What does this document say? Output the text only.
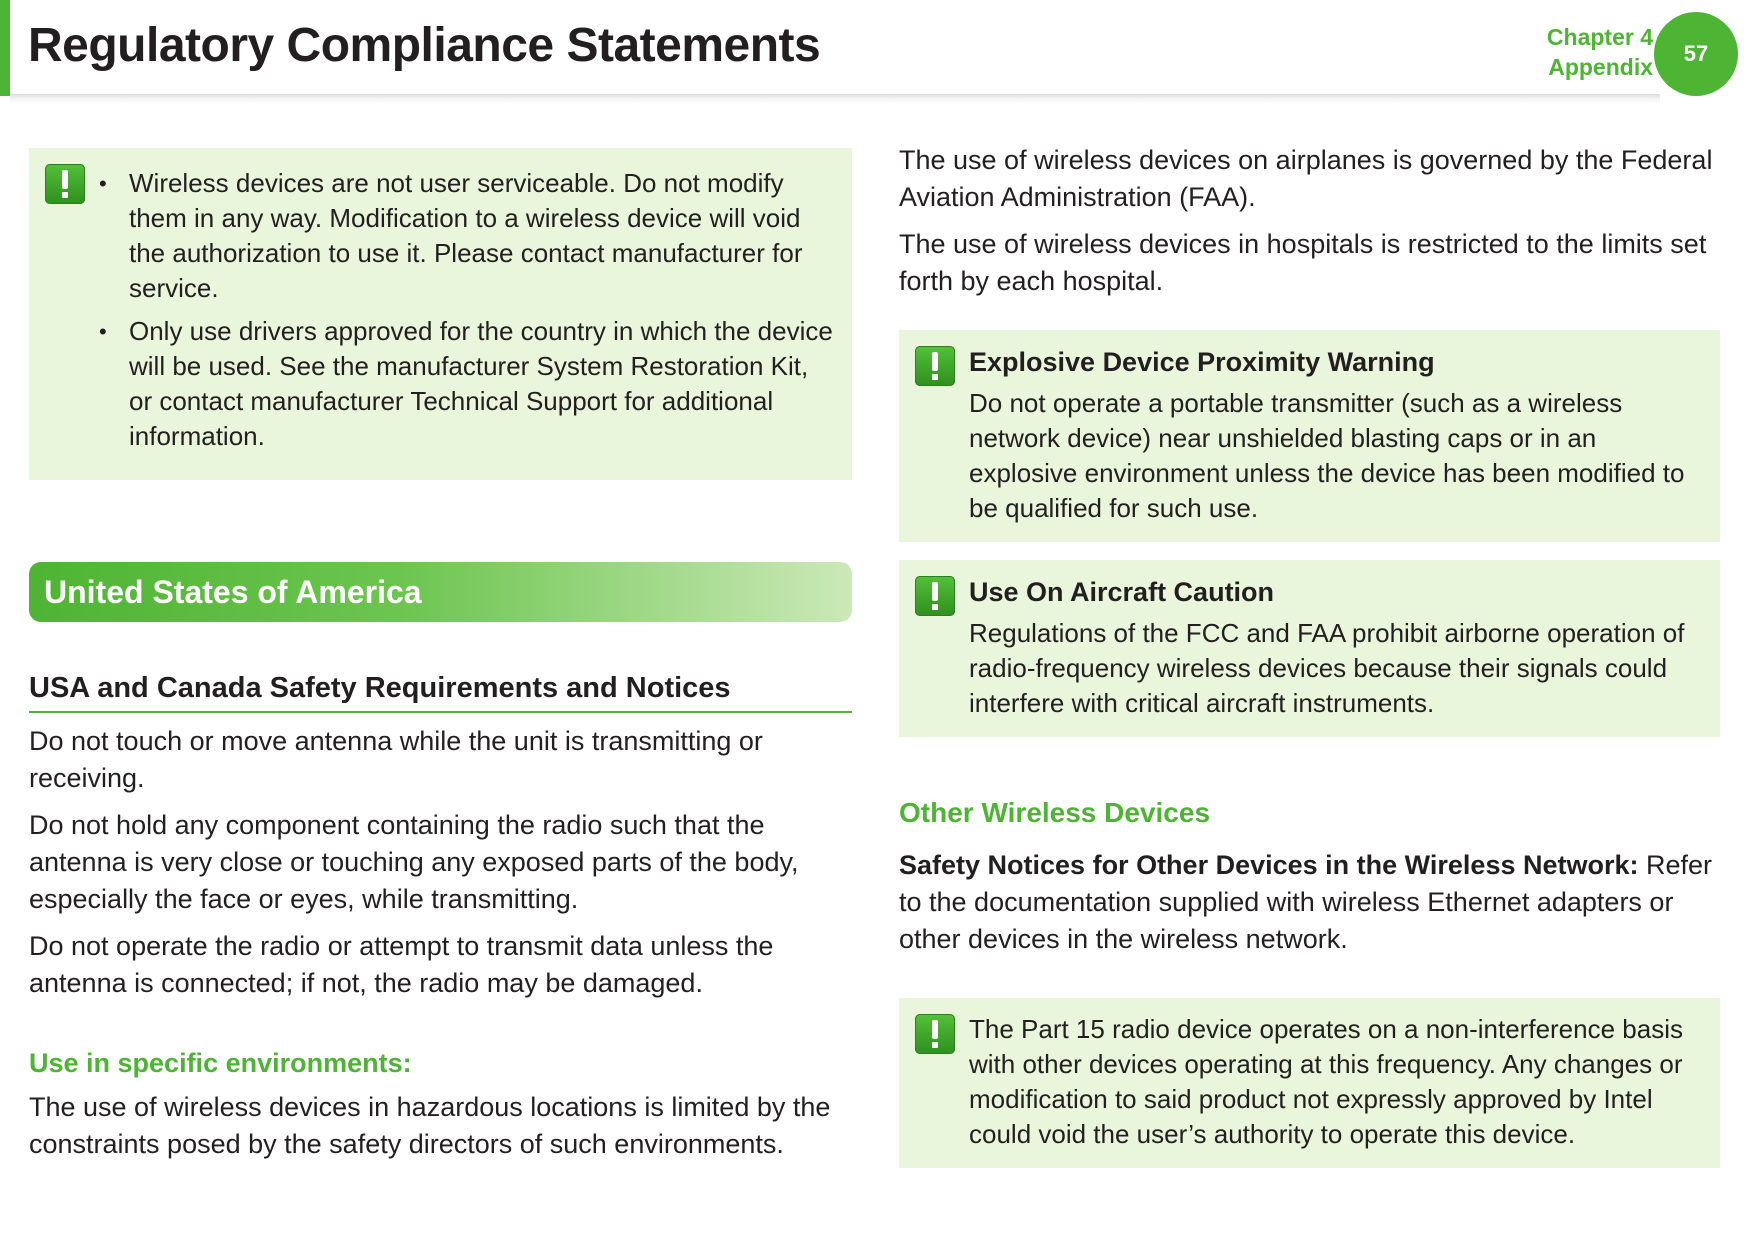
Regulatory Compliance Statements	Chapter 4
Appendix
57
• Wireless devices are not user serviceable. Do not modify them in any way. Modification to a wireless device will void the authorization to use it. Please contact manufacturer for service.
• Only use drivers approved for the country in which the device will be used. See the manufacturer System Restoration Kit, or contact manufacturer Technical Support for additional information.
United States of America
USA and Canada Safety Requirements and Notices

Do not touch or move antenna while the unit is transmitting or receiving.

Do not hold any component containing the radio such that the antenna is very close or touching any exposed parts of the body, especially the face or eyes, while transmitting.

Do not operate the radio or attempt to transmit data unless the antenna is connected; if not, the radio may be damaged.

Use in specific environments:

The use of wireless devices in hazardous locations is limited by the constraints posed by the safety directors of such environments.

The use of wireless devices on airplanes is governed by the Federal Aviation Administration (FAA).

The use of wireless devices in hospitals is restricted to the limits set forth by each hospital.

Explosive Device Proximity Warning
Do not operate a portable transmitter (such as a wireless network device) near unshielded blasting caps or in an explosive environment unless the device has been modified to be qualified for such use.
Use On Aircraft Caution
Regulations of the FCC and FAA prohibit airborne operation of radio-frequency wireless devices because their signals could interfere with critical aircraft instruments.
Other Wireless Devices

Safety Notices for Other Devices in the Wireless Network: Refer to the documentation supplied with wireless Ethernet adapters or other devices in the wireless network.

The Part 15 radio device operates on a non-interference basis with other devices operating at this frequency. Any changes or modification to said product not expressly approved by Intel could void the user’s authority to operate this device.
